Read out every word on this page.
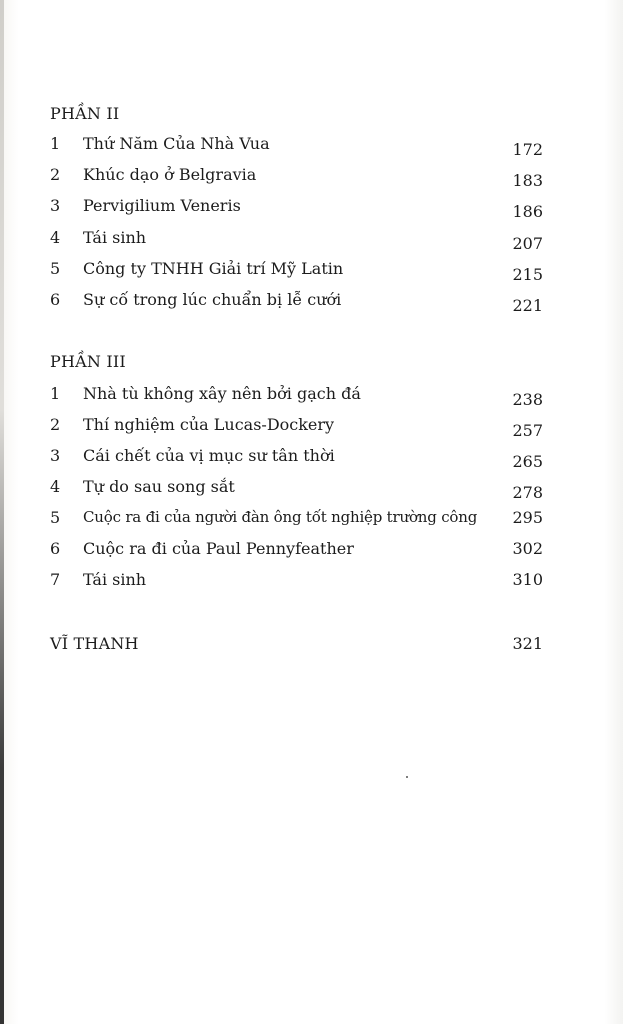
PHẦN II
1 Thứ Năm Của Nhà Vua	172
2 Khúc dạo ở Belgravia	183
3 Pervigilium Veneris	186
4 Tái sinh	207
5 Công ty TNHH Giải trí Mỹ Latin	215
6 Sự cố trong lúc chuẩn bị lễ cưới	221
PHẦN III
1 Nhà tù không xây nên bởi gạch đá	238
2 Thí nghiệm của Lucas-Dockery	257
3 Cái chết của vị mục sư tân thời	265
4 Tự do sau song sắt	278
5 Cuộc ra đi của người đàn ông tốt nghiệp trường công 295
6 Cuộc ra đi của Paul Pennyfeather	302
7 Tái sinh	310
VĨ THANH	321
